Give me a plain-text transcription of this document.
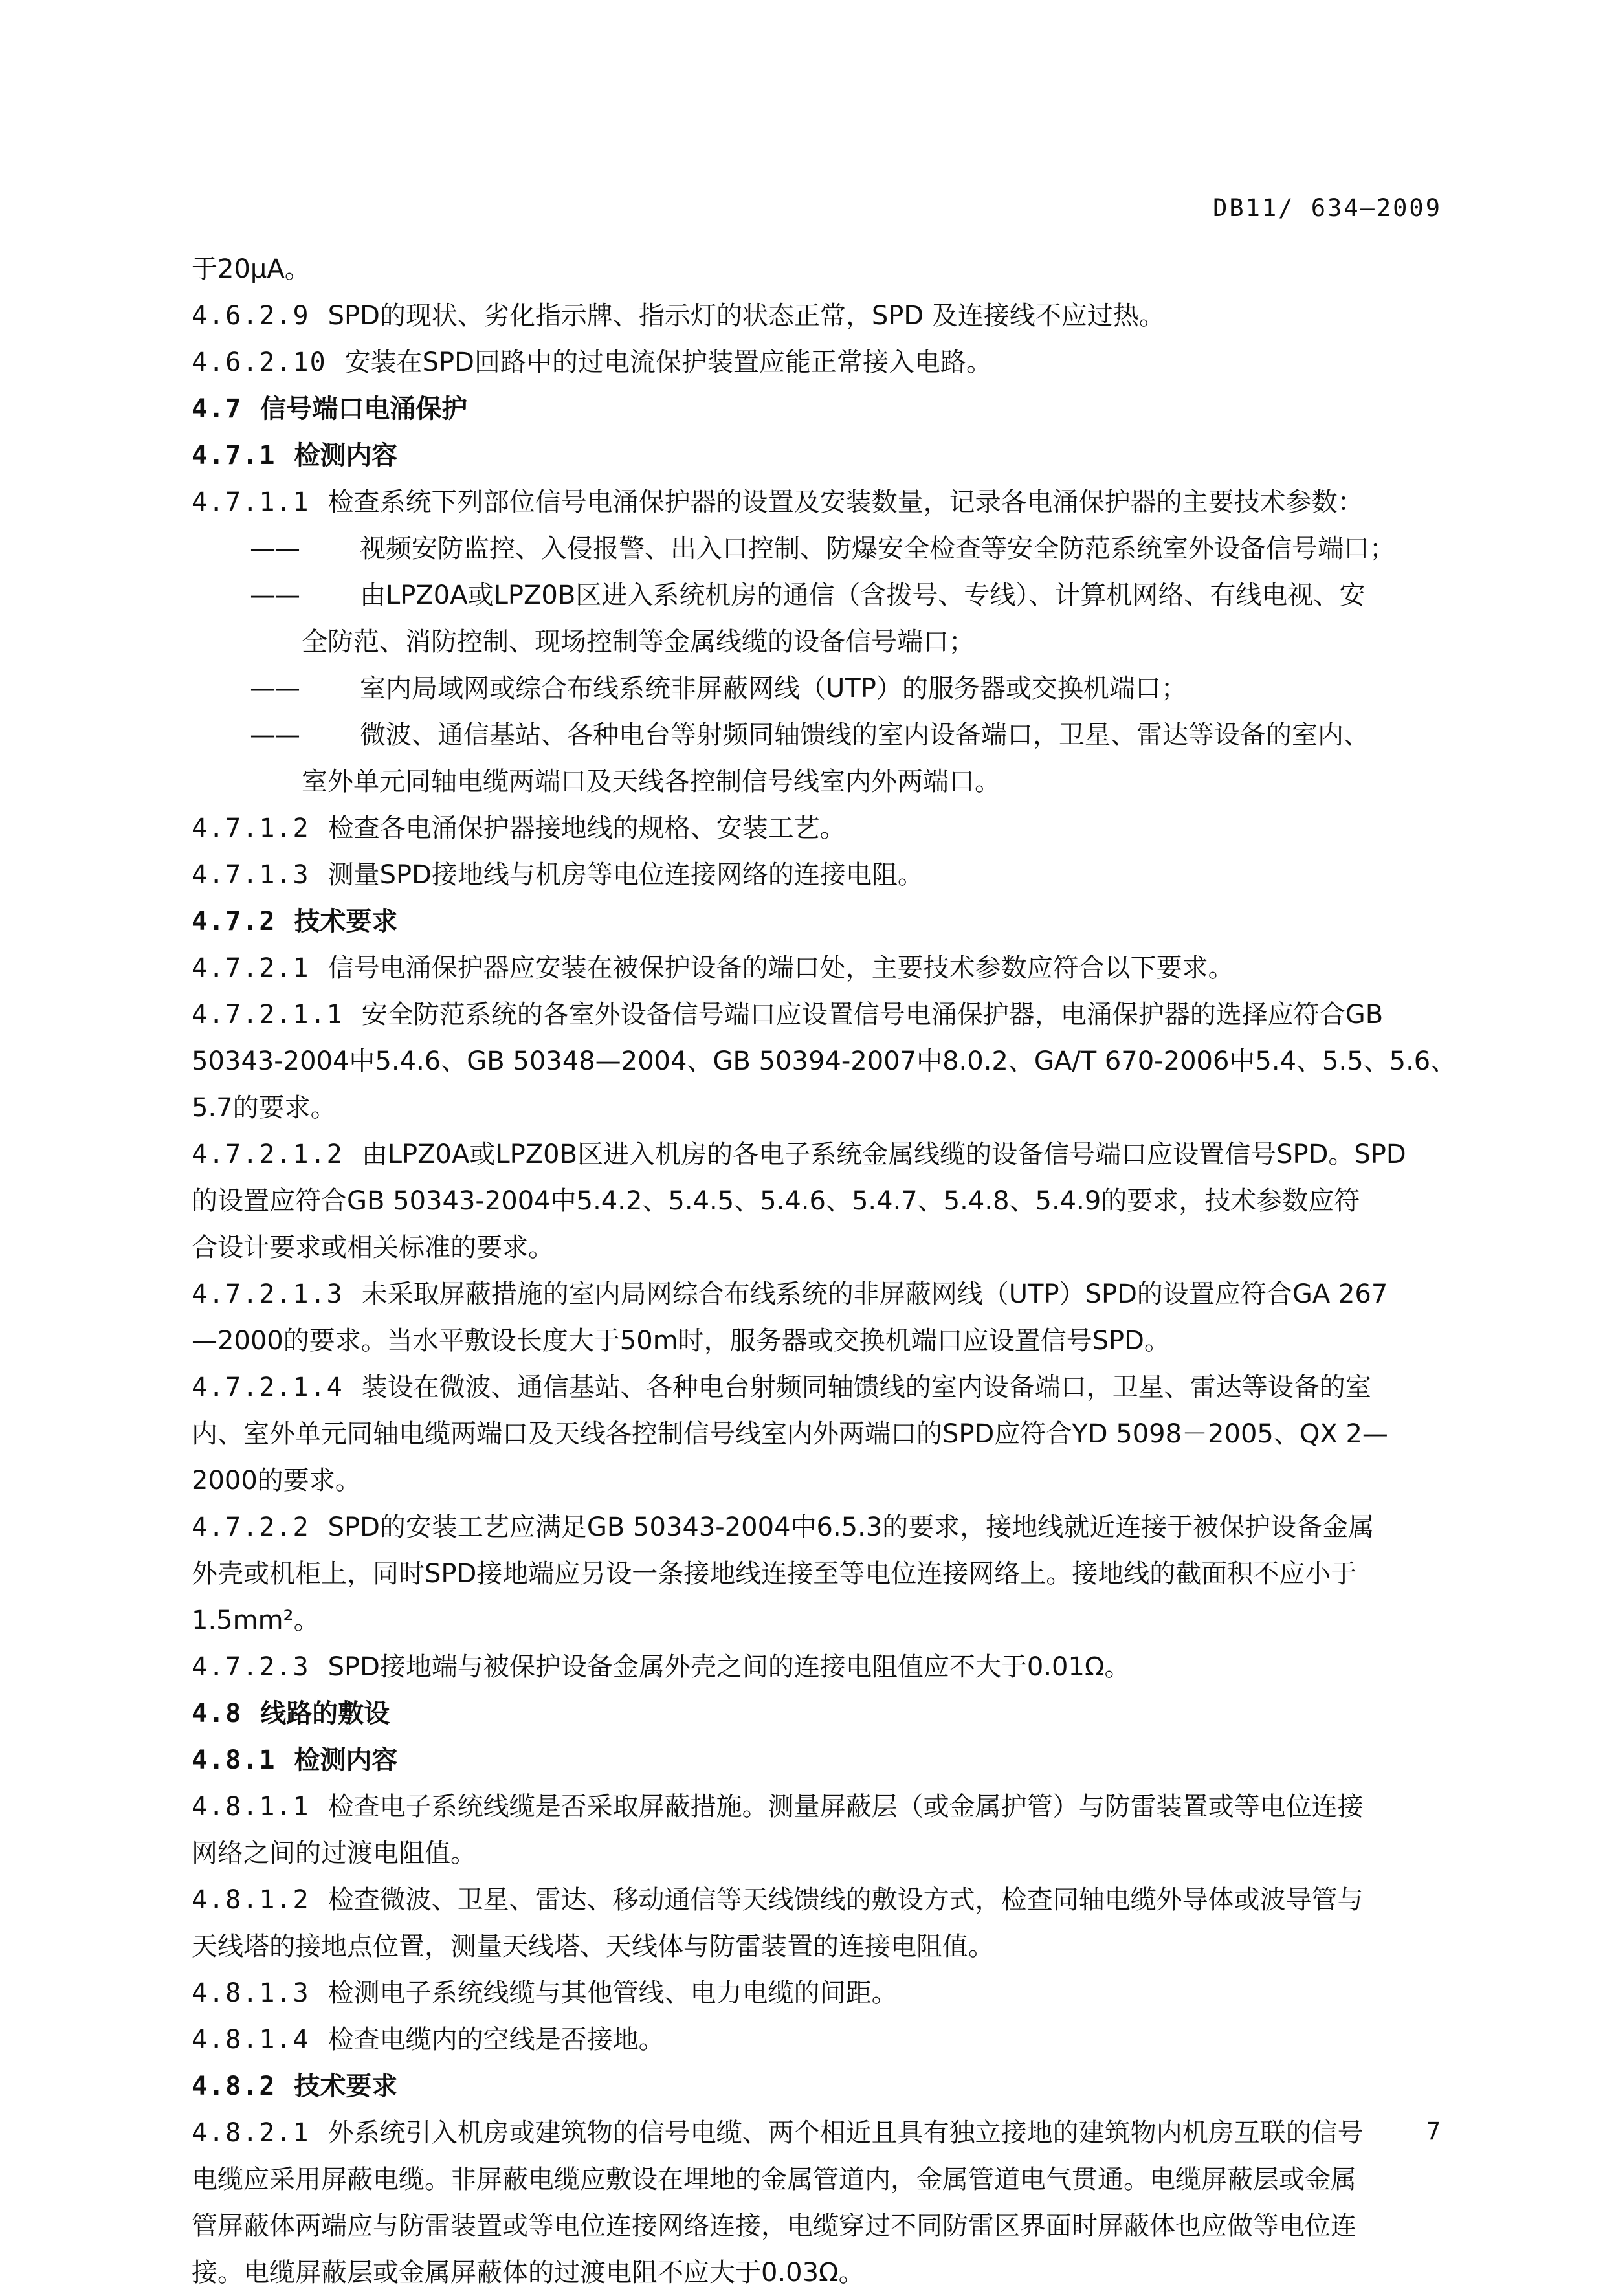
DB11/ 634—2009
于20μA。
4.6.2.9 SPD的现状、劣化指示牌、指示灯的状态正常，SPD 及连接线不应过热。
4.6.2.10 安装在SPD回路中的过电流保护装置应能正常接入电路。
4.7 信号端口电涌保护
4.7.1 检测内容
4.7.1.1 检查系统下列部位信号电涌保护器的设置及安装数量，记录各电涌保护器的主要技术参数：
—— 视频安防监控、入侵报警、出入口控制、防爆安全检查等安全防范系统室外设备信号端口；
—— 由LPZ0A或LPZ0B区进入系统机房的通信（含拨号、专线）、计算机网络、有线电视、安
全防范、消防控制、现场控制等金属线缆的设备信号端口；
—— 室内局域网或综合布线系统非屏蔽网线（UTP）的服务器或交换机端口；
—— 微波、通信基站、各种电台等射频同轴馈线的室内设备端口，卫星、雷达等设备的室内、
室外单元同轴电缆两端口及天线各控制信号线室内外两端口。
4.7.1.2 检查各电涌保护器接地线的规格、安装工艺。
4.7.1.3 测量SPD接地线与机房等电位连接网络的连接电阻。
4.7.2 技术要求
4.7.2.1 信号电涌保护器应安装在被保护设备的端口处，主要技术参数应符合以下要求。
4.7.2.1.1 安全防范系统的各室外设备信号端口应设置信号电涌保护器，电涌保护器的选择应符合GB
50343-2004中5.4.6、GB 50348—2004、GB 50394-2007中8.0.2、GA/T 670-2006中5.4、5.5、5.6、
5.7的要求。
4.7.2.1.2 由LPZ0A或LPZ0B区进入机房的各电子系统金属线缆的设备信号端口应设置信号SPD。SPD
的设置应符合GB 50343-2004中5.4.2、5.4.5、5.4.6、5.4.7、5.4.8、5.4.9的要求，技术参数应符
合设计要求或相关标准的要求。
4.7.2.1.3 未采取屏蔽措施的室内局网综合布线系统的非屏蔽网线（UTP）SPD的设置应符合GA 267
—2000的要求。当水平敷设长度大于50m时，服务器或交换机端口应设置信号SPD。
4.7.2.1.4 装设在微波、通信基站、各种电台射频同轴馈线的室内设备端口，卫星、雷达等设备的室
内、室外单元同轴电缆两端口及天线各控制信号线室内外两端口的SPD应符合YD 5098－2005、QX 2—
2000的要求。
4.7.2.2 SPD的安装工艺应满足GB 50343-2004中6.5.3的要求，接地线就近连接于被保护设备金属
外壳或机柜上，同时SPD接地端应另设一条接地线连接至等电位连接网络上。接地线的截面积不应小于
1.5mm²。
4.7.2.3 SPD接地端与被保护设备金属外壳之间的连接电阻值应不大于0.01Ω。
4.8 线路的敷设
4.8.1 检测内容
4.8.1.1 检查电子系统线缆是否采取屏蔽措施。测量屏蔽层（或金属护管）与防雷装置或等电位连接
网络之间的过渡电阻值。
4.8.1.2 检查微波、卫星、雷达、移动通信等天线馈线的敷设方式，检查同轴电缆外导体或波导管与
天线塔的接地点位置，测量天线塔、天线体与防雷装置的连接电阻值。
4.8.1.3 检测电子系统线缆与其他管线、电力电缆的间距。
4.8.1.4 检查电缆内的空线是否接地。
4.8.2 技术要求
4.8.2.1 外系统引入机房或建筑物的信号电缆、两个相近且具有独立接地的建筑物内机房互联的信号
电缆应采用屏蔽电缆。非屏蔽电缆应敷设在埋地的金属管道内，金属管道电气贯通。电缆屏蔽层或金属
管屏蔽体两端应与防雷装置或等电位连接网络连接，电缆穿过不同防雷区界面时屏蔽体也应做等电位连
接。电缆屏蔽层或金属屏蔽体的过渡电阻不应大于0.03Ω。
7
